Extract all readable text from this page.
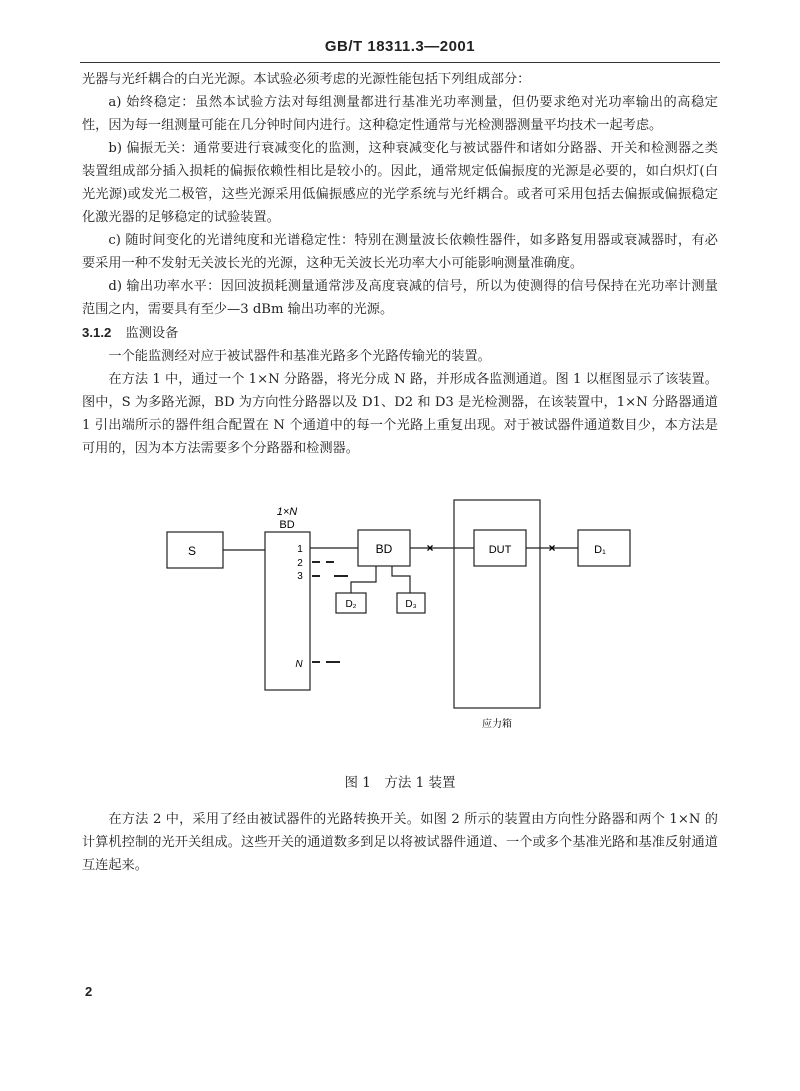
GB/T 18311.3—2001

光器与光纤耦合的白光光源。本试验必须考虑的光源性能包括下列组成部分：

a) 始终稳定：虽然本试验方法对每组测量都进行基准光功率测量，但仍要求绝对光功率输出的高稳定性，因为每一组测量可能在几分钟时间内进行。这种稳定性通常与光检测器测量平均技术一起考虑。

b) 偏振无关：通常要进行衰减变化的监测，这种衰减变化与被试器件和诸如分路器、开关和检测器之类装置组成部分插入损耗的偏振依赖性相比是较小的。因此，通常规定低偏振度的光源是必要的，如白炽灯(白光光源)或发光二极管，这些光源采用低偏振感应的光学系统与光纤耦合。或者可采用包括去偏振或偏振稳定化激光器的足够稳定的试验装置。

c) 随时间变化的光谱纯度和光谱稳定性：特别在测量波长依赖性器件，如多路复用器或衰减器时，有必要采用一种不发射无关波长光的光源，这种无关波长光功率大小可能影响测量准确度。

d) 输出功率水平：因回波损耗测量通常涉及高度衰减的信号，所以为使测得的信号保持在光功率计测量范围之内，需要具有至少—3 dBm 输出功率的光源。

3.1.2 监测设备

一个能监测经对应于被试器件和基准光路多个光路传输光的装置。

在方法 1 中，通过一个 1×N 分路器，将光分成 N 路，并形成各监测通道。图 1 以框图显示了该装置。图中，S 为多路光源，BD 为方向性分路器以及 D1、D2 和 D3 是光检测器，在该装置中，1×N 分路器通道 1 引出端所示的器件组合配置在 N 个通道中的每一个光路上重复出现。对于被试器件通道数目少，本方法是可用的，因为本方法需要多个分路器和检测器。

1×N
BD
S	1
2
3
N
BD
D₂	D₃
×
应力箱
DUT	×	D₁
图 1　方法 1 装置

在方法 2 中，采用了经由被试器件的光路转换开关。如图 2 所示的装置由方向性分路器和两个 1×N 的计算机控制的光开关组成。这些开关的通道数多到足以将被试器件通道、一个或多个基准光路和基准反射通道互连起来。

2
